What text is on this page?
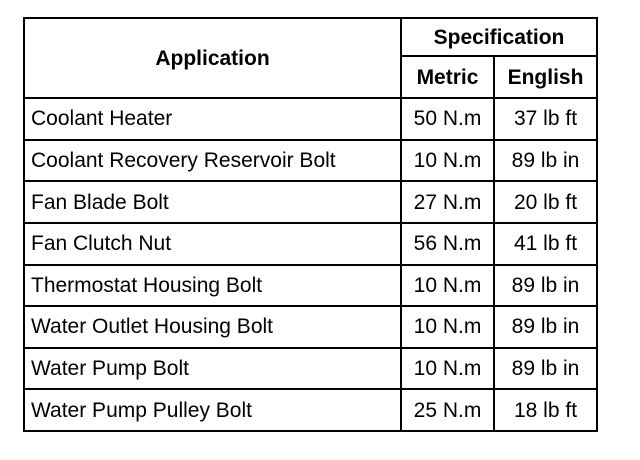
Application	Specification	
	Metric	English
Coolant Heater	50 N.m	37 lb ft
Coolant Recovery Reservoir Bolt	10 N.m	89 lb in
Fan Blade Bolt	27 N.m	20 lb ft
Fan Clutch Nut	56 N.m	41 lb ft
Thermostat Housing Bolt	10 N.m	89 lb in
Water Outlet Housing Bolt	10 N.m	89 lb in
Water Pump Bolt	10 N.m	89 lb in
Water Pump Pulley Bolt	25 N.m	18 lb ft
